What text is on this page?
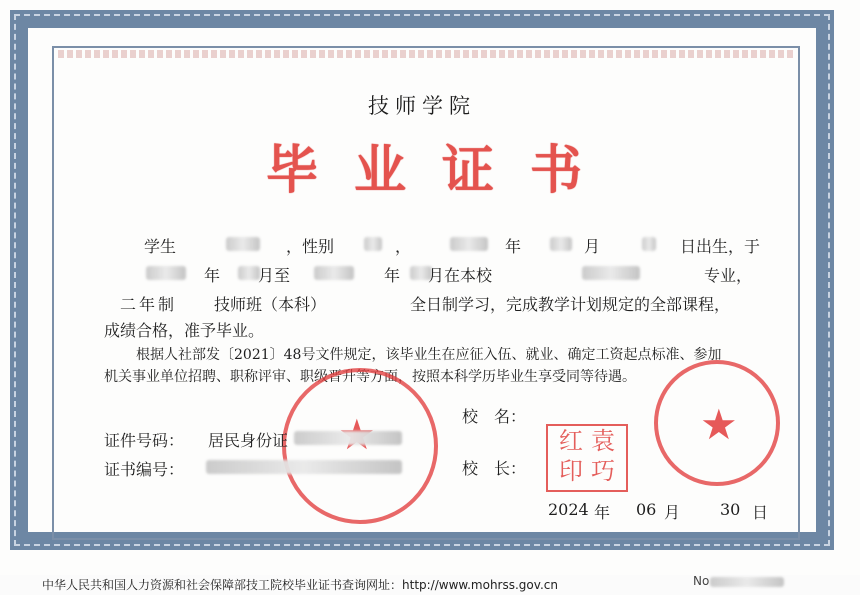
技师学院
毕业证书
学生	，性别	，	年	月	日出生，于
年 月至	年 月在本校	专业，
二年制 技师班（本科）	全日制学习，完成教学计划规定的全部课程，
成绩合格，准予毕业。
根据人社部发〔2021〕48号文件规定，该毕业生在应征入伍、就业、确定工资起点标准、参加
机关事业单位招聘、职称评审、职级晋升等方面，按照本科学历毕业生享受同等待遇。
★
校　名：
证件号码： 居民身份证
证书编号：	校　长：
红 袁
印 巧
2024 年 06 月 30 日
中华人民共和国人力资源和社会保障部技工院校毕业证书查询网址：http://www.mohrss.gov.cn	No
